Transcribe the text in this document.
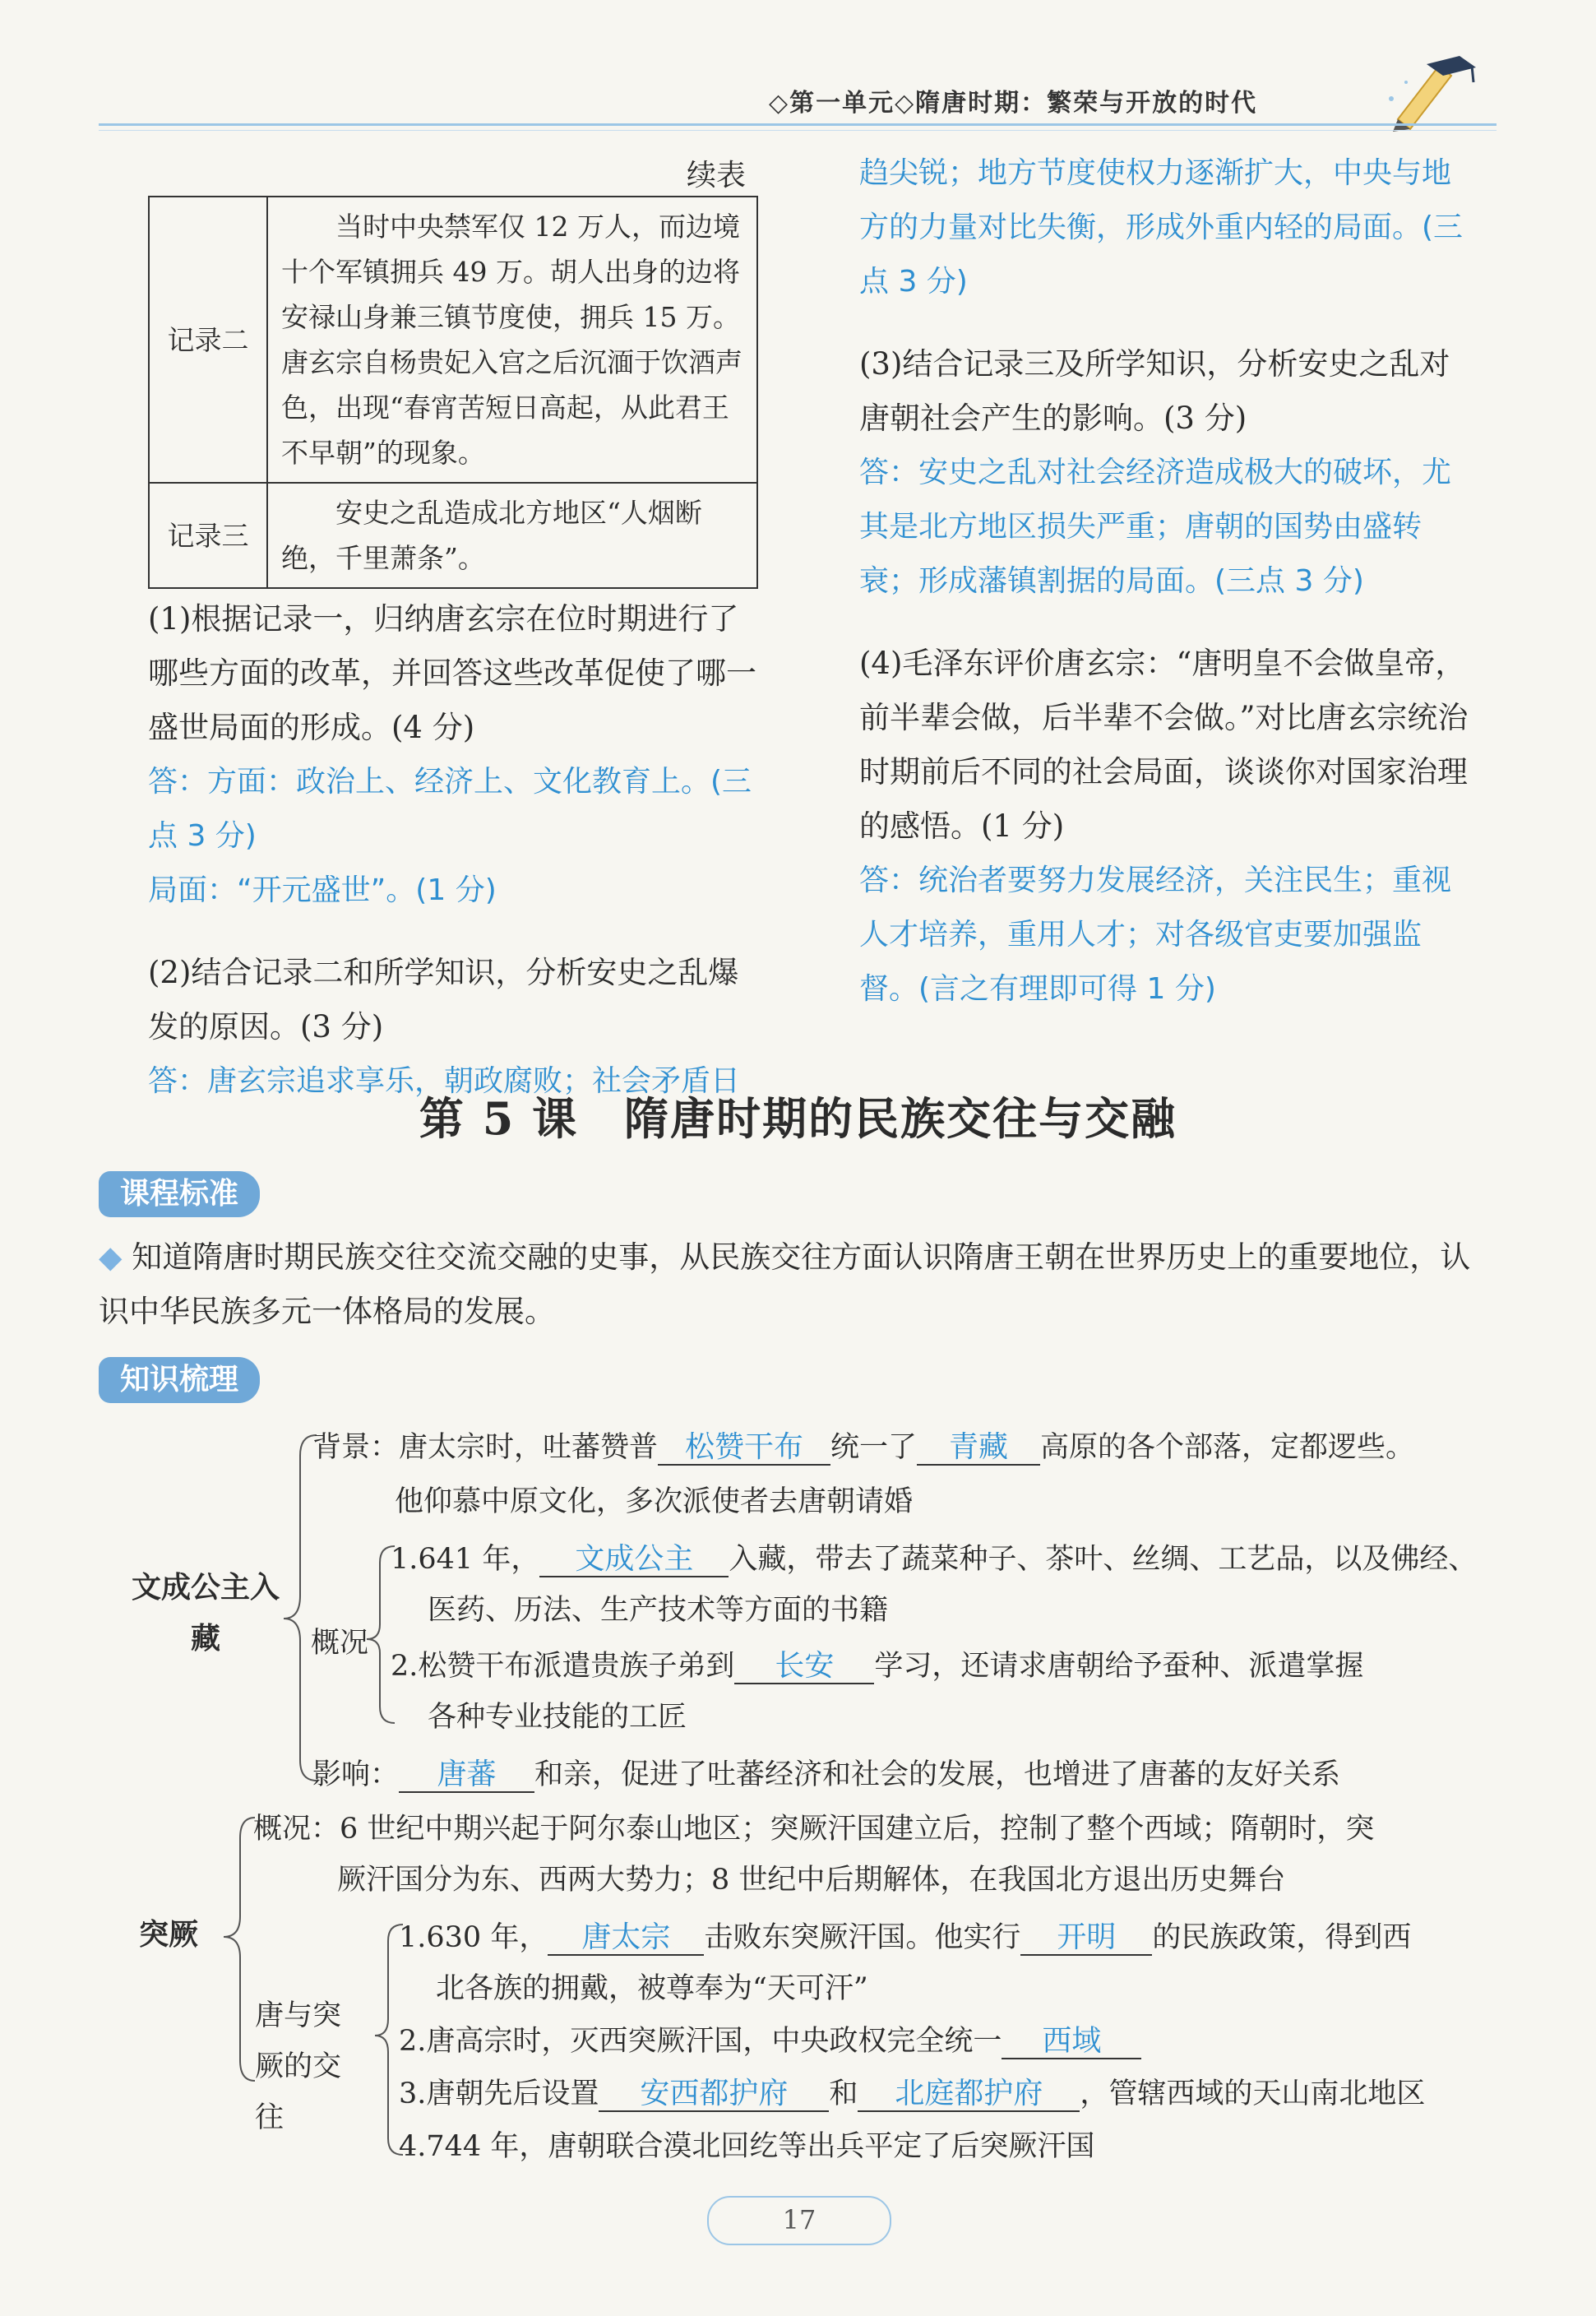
◇第一单元◇隋唐时期：繁荣与开放的时代
续表
记录二	当时中央禁军仅 12 万人，而边境十个军镇拥兵 49 万。胡人出身的边将安禄山身兼三镇节度使，拥兵 15 万。唐玄宗自杨贵妃入宫之后沉湎于饮酒声色，出现“春宵苦短日高起，从此君王不早朝”的现象。
记录三	安史之乱造成北方地区“人烟断绝，千里萧条”。

(1)根据记录一，归纳唐玄宗在位时期进行了哪些方面的改革，并回答这些改革促使了哪一盛世局面的形成。(4 分)

答：方面：政治上、经济上、文化教育上。(三点 3 分)

局面：“开元盛世”。(1 分)

(2)结合记录二和所学知识，分析安史之乱爆发的原因。(3 分)

答：唐玄宗追求享乐，朝政腐败；社会矛盾日

趋尖锐；地方节度使权力逐渐扩大，中央与地方的力量对比失衡，形成外重内轻的局面。(三点 3 分)

(3)结合记录三及所学知识，分析安史之乱对唐朝社会产生的影响。(3 分)

答：安史之乱对社会经济造成极大的破坏，尤其是北方地区损失严重；唐朝的国势由盛转衰；形成藩镇割据的局面。(三点 3 分)

(4)毛泽东评价唐玄宗：“唐明皇不会做皇帝，前半辈会做，后半辈不会做。”对比唐玄宗统治时期前后不同的社会局面，谈谈你对国家治理的感悟。(1 分)

答：统治者要努力发展经济，关注民生；重视人才培养，重用人才；对各级官吏要加强监督。(言之有理即可得 1 分)

第 5 课　隋唐时期的民族交往与交融
课程标准
◆ 知道隋唐时期民族交往交流交融的史事，从民族交往方面认识隋唐王朝在世界历史上的重要地位，认识中华民族多元一体格局的发展。
知识梳理
文成公主入藏
背景：唐太宗时，吐蕃赞普 松赞干布 统一了 青藏 高原的各个部落，定都逻些。
他仰慕中原文化，多次派使者去唐朝请婚
概况
1.641 年， 文成公主 入藏，带去了蔬菜种子、茶叶、丝绸、工艺品，以及佛经、
医药、历法、生产技术等方面的书籍
2.松赞干布派遣贵族子弟到 长安 学习，还请求唐朝给予蚕种、派遣掌握
各种专业技能的工匠
影响： 唐蕃 和亲，促进了吐蕃经济和社会的发展，也增进了唐蕃的友好关系
突厥
概况：6 世纪中期兴起于阿尔泰山地区；突厥汗国建立后，控制了整个西域；隋朝时，突
厥汗国分为东、西两大势力；8 世纪中后期解体，在我国北方退出历史舞台
唐与突厥的交往
1.630 年， 唐太宗 击败东突厥汗国。他实行 开明 的民族政策，得到西
北各族的拥戴，被尊奉为“天可汗”
2.唐高宗时，灭西突厥汗国，中央政权完全统一 西域
3.唐朝先后设置 安西都护府 和 北庭都护府 ，管辖西域的天山南北地区
4.744 年，唐朝联合漠北回纥等出兵平定了后突厥汗国
17
